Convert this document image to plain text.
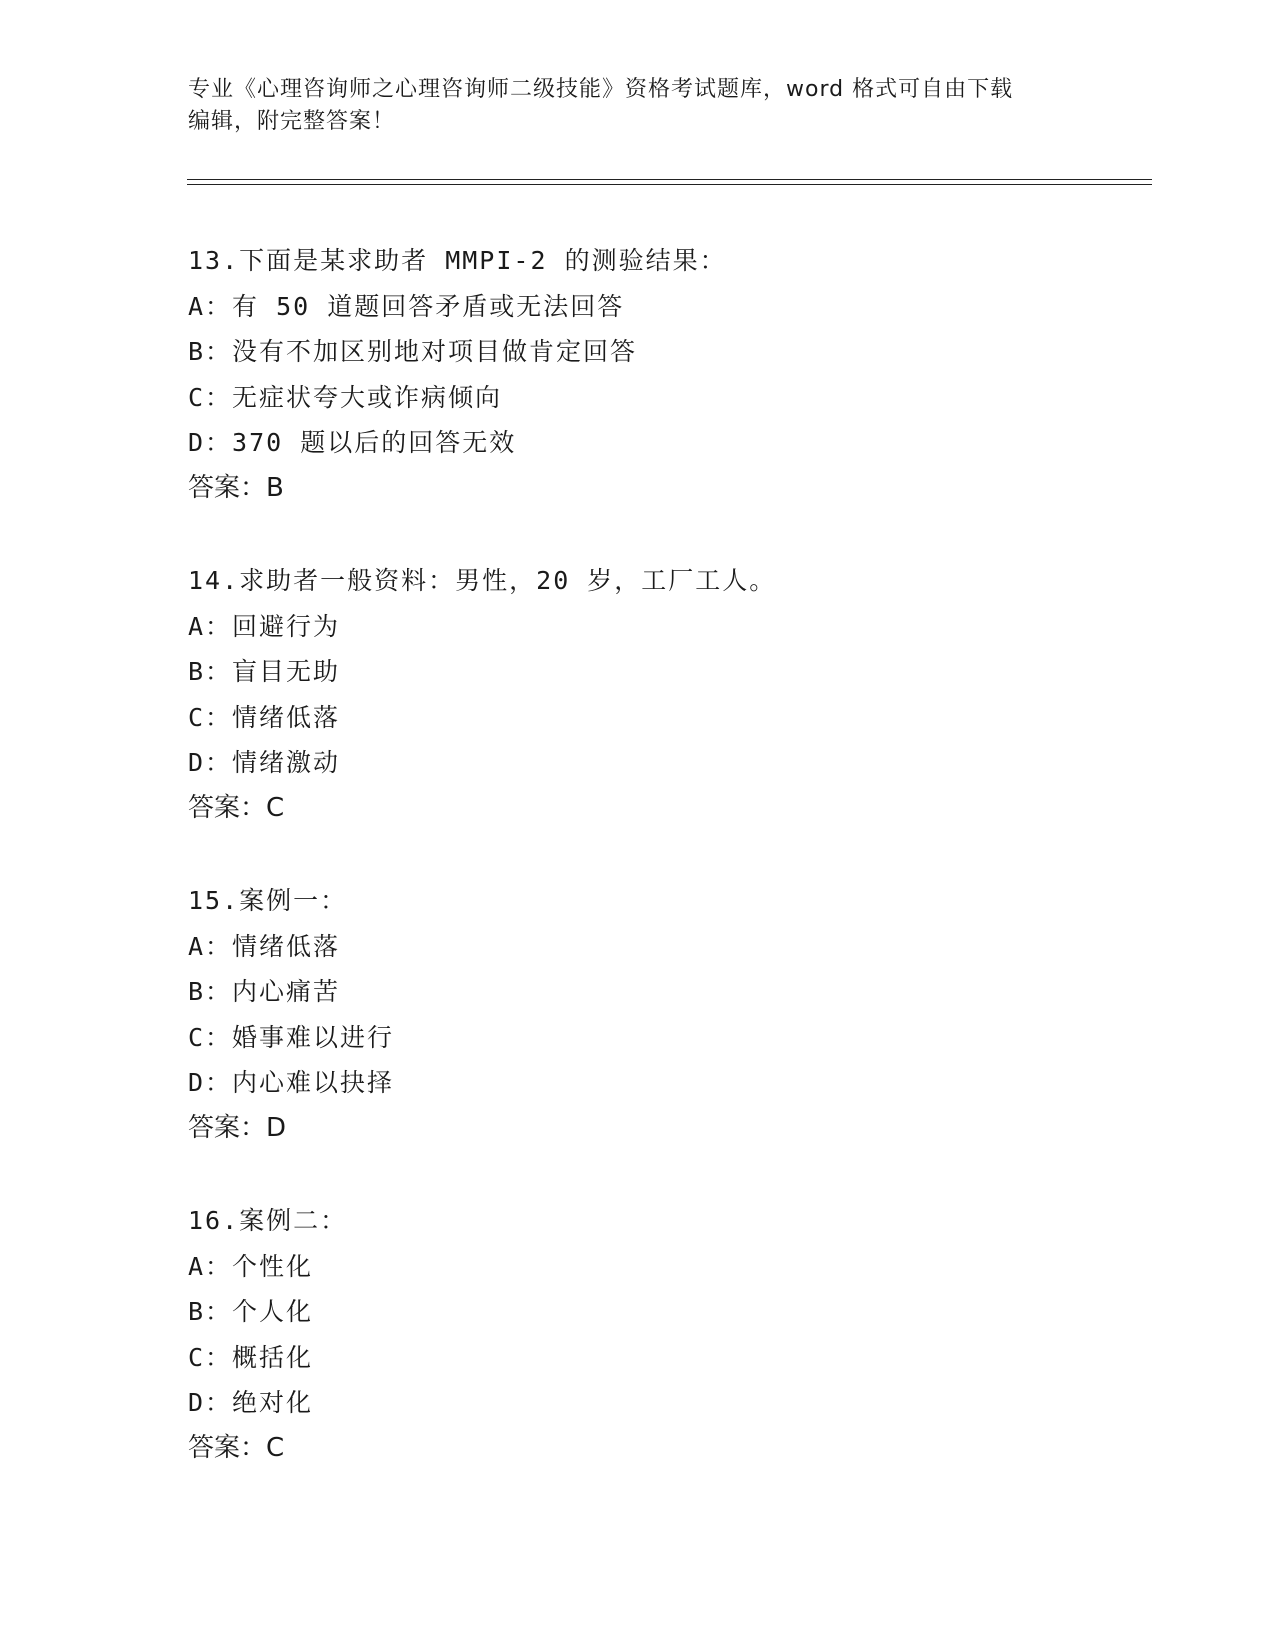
专业《心理咨询师之心理咨询师二级技能》资格考试题库，word 格式可自由下载
编辑，附完整答案！
13.下面是某求助者 MMPI-2 的测验结果：
A：有 50 道题回答矛盾或无法回答
B：没有不加区别地对项目做肯定回答
C：无症状夸大或诈病倾向
D：370 题以后的回答无效
答案：B
14.求助者一般资料：男性，20 岁，工厂工人。
A：回避行为
B：盲目无助
C：情绪低落
D：情绪激动
答案：C
15.案例一：
A：情绪低落
B：内心痛苦
C：婚事难以进行
D：内心难以抉择
答案：D
16.案例二：
A：个性化
B：个人化
C：概括化
D：绝对化
答案：C
